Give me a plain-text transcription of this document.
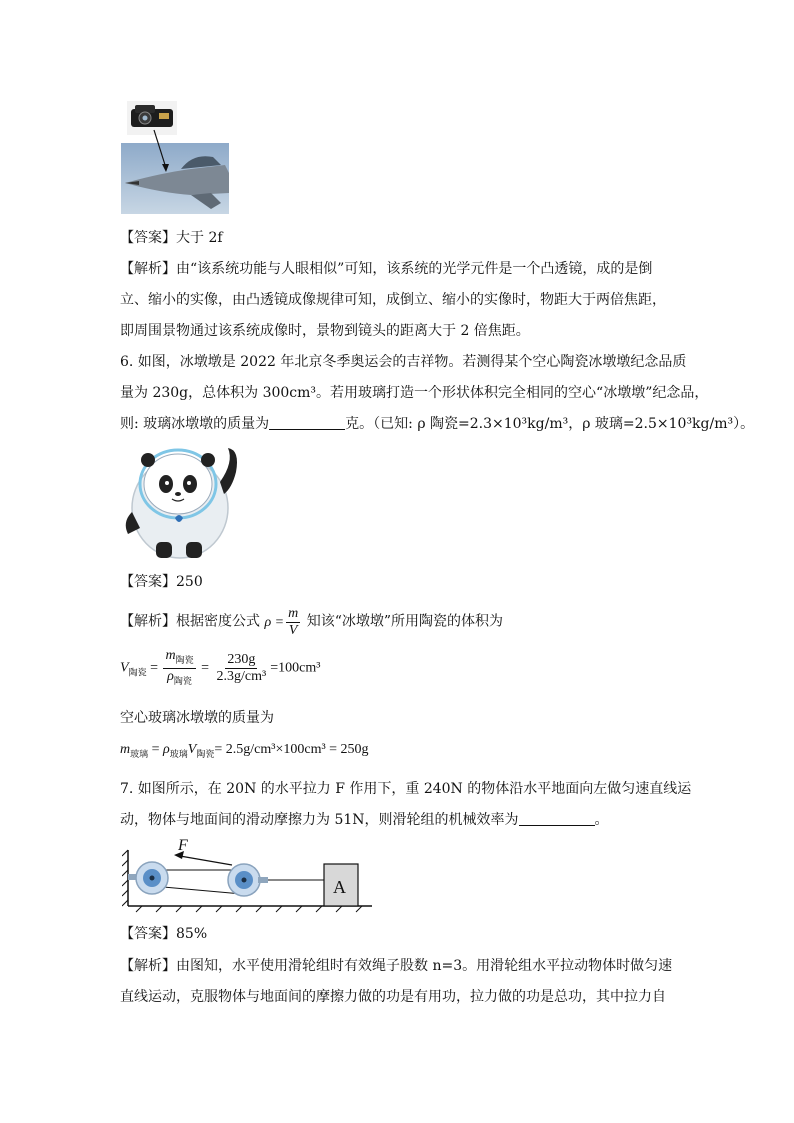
【答案】大于 2f
【解析】由“该系统功能与人眼相似”可知，该系统的光学元件是一个凸透镜，成的是倒
立、缩小的实像，由凸透镜成像规律可知，成倒立、缩小的实像时，物距大于两倍焦距，
即周围景物通过该系统成像时，景物到镜头的距离大于 2 倍焦距。
6. 如图，冰墩墩是 2022 年北京冬季奥运会的吉祥物。若测得某个空心陶瓷冰墩墩纪念品质
量为 230g，总体积为 300cm³。若用玻璃打造一个形状体积完全相同的空心“冰墩墩”纪念品，
则: 玻璃冰墩墩的质量为	克。（已知: ρ 陶瓷=2.3×10³kg/m³，ρ 玻璃=2.5×10³kg/m³）。
【答案】250
【解析】根据密度公式 $\rho = \frac{m}{V}$ 知该“冰墩墩”所用陶瓷的体积为
$V_{陶瓷} = \frac{m_{陶瓷}}{\rho_{陶瓷}} = \frac{230g}{\text{2.3g/cm³}} =100cm^3$
空心玻璃冰墩墩的质量为
$m_{玻璃} = \rho_{玻璃}V_{陶瓷}= 2.5g/cm^3\times 100cm^3 = 250g$
7. 如图所示，在 20N 的水平拉力 F 作用下，重 240N 的物体沿水平地面向左做匀速直线运
动，物体与地面间的滑动摩擦力为 51N，则滑轮组的机械效率为	。
F
A
【答案】85%
【解析】由图知，水平使用滑轮组时有效绳子股数 n=3。用滑轮组水平拉动物体时做匀速
直线运动，克服物体与地面间的摩擦力做的功是有用功，拉力做的功是总功，其中拉力自
